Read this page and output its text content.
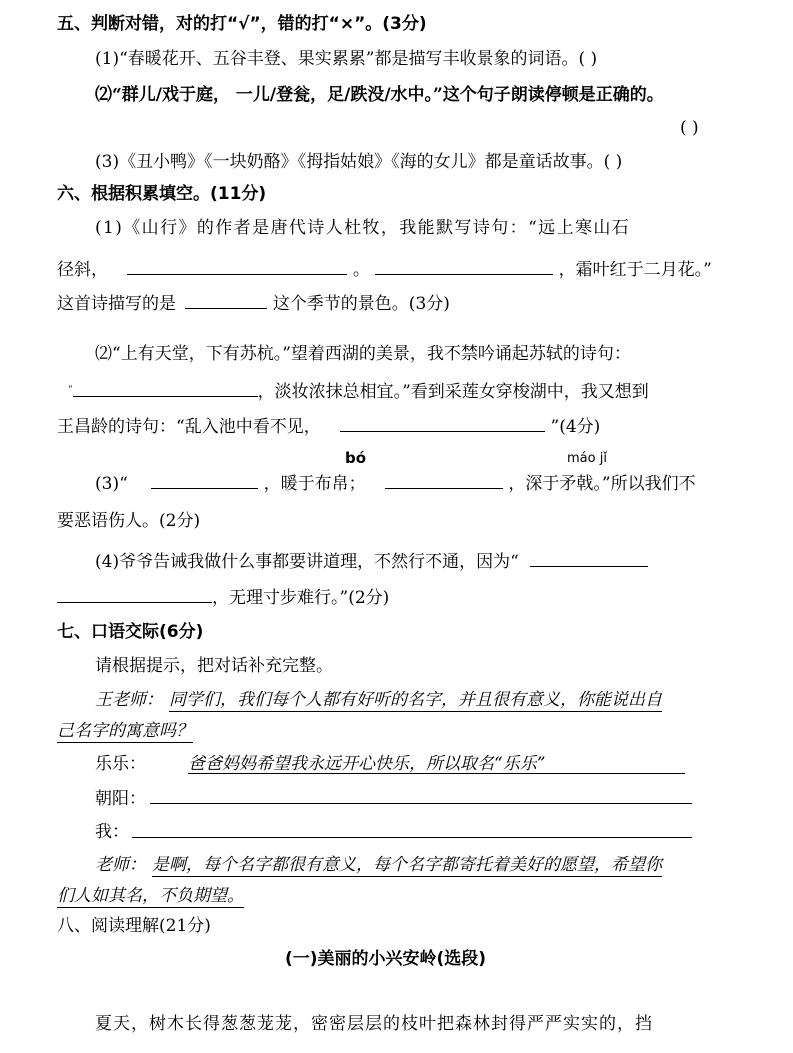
五、判断对错，对的打“√”，错的打“×”。(3分)
(1)“春暖花开、五谷丰登、果实累累”都是描写丰收景象的词语。( )
⑵“群儿/戏于庭， 一儿/登瓮，足/跌没/水中。”这个句子朗读停顿是正确的。
( )
(3)《丑小鸭》《一块奶酪》《拇指姑娘》《海的女儿》都是童话故事。( )
六、根据积累填空。(11分)
(1)《山行》的作者是唐代诗人杜牧，我能默写诗句：“远上寒山石
径斜，	。	，霜叶红于二月花。”
这首诗描写的是	这个季节的景色。(3分)
⑵“上有天堂，下有苏杭。”望着西湖的美景，我不禁吟诵起苏轼的诗句：
“	，淡妆浓抹总相宜。”看到采莲女穿梭湖中，我又想到
王昌龄的诗句：“乱入池中看不见，	”(4分)
bó	máo jǐ
(3)“	，暖于布帛；	，深于矛戟。”所以我们不
要恶语伤人。(2分)
(4)爷爷告诫我做什么事都要讲道理，不然行不通，因为“
，无理寸步难行。”(2分)
七、口语交际(6分)
请根据提示，把对话补充完整。
王老师： 同学们，我们每个人都有好听的名字，并且很有意义，你能说出自
己名字的寓意吗？
乐乐： 爸爸妈妈希望我永远开心快乐，所以取名“乐乐”
朝阳：
我：
老师： 是啊，每个名字都很有意义，每个名字都寄托着美好的愿望，希望你
们人如其名，不负期望。
八、阅读理解(21分)
(一)美丽的小兴安岭(选段)
夏天，树木长得葱葱茏茏，密密层层的枝叶把森林封得严严实实的，挡
